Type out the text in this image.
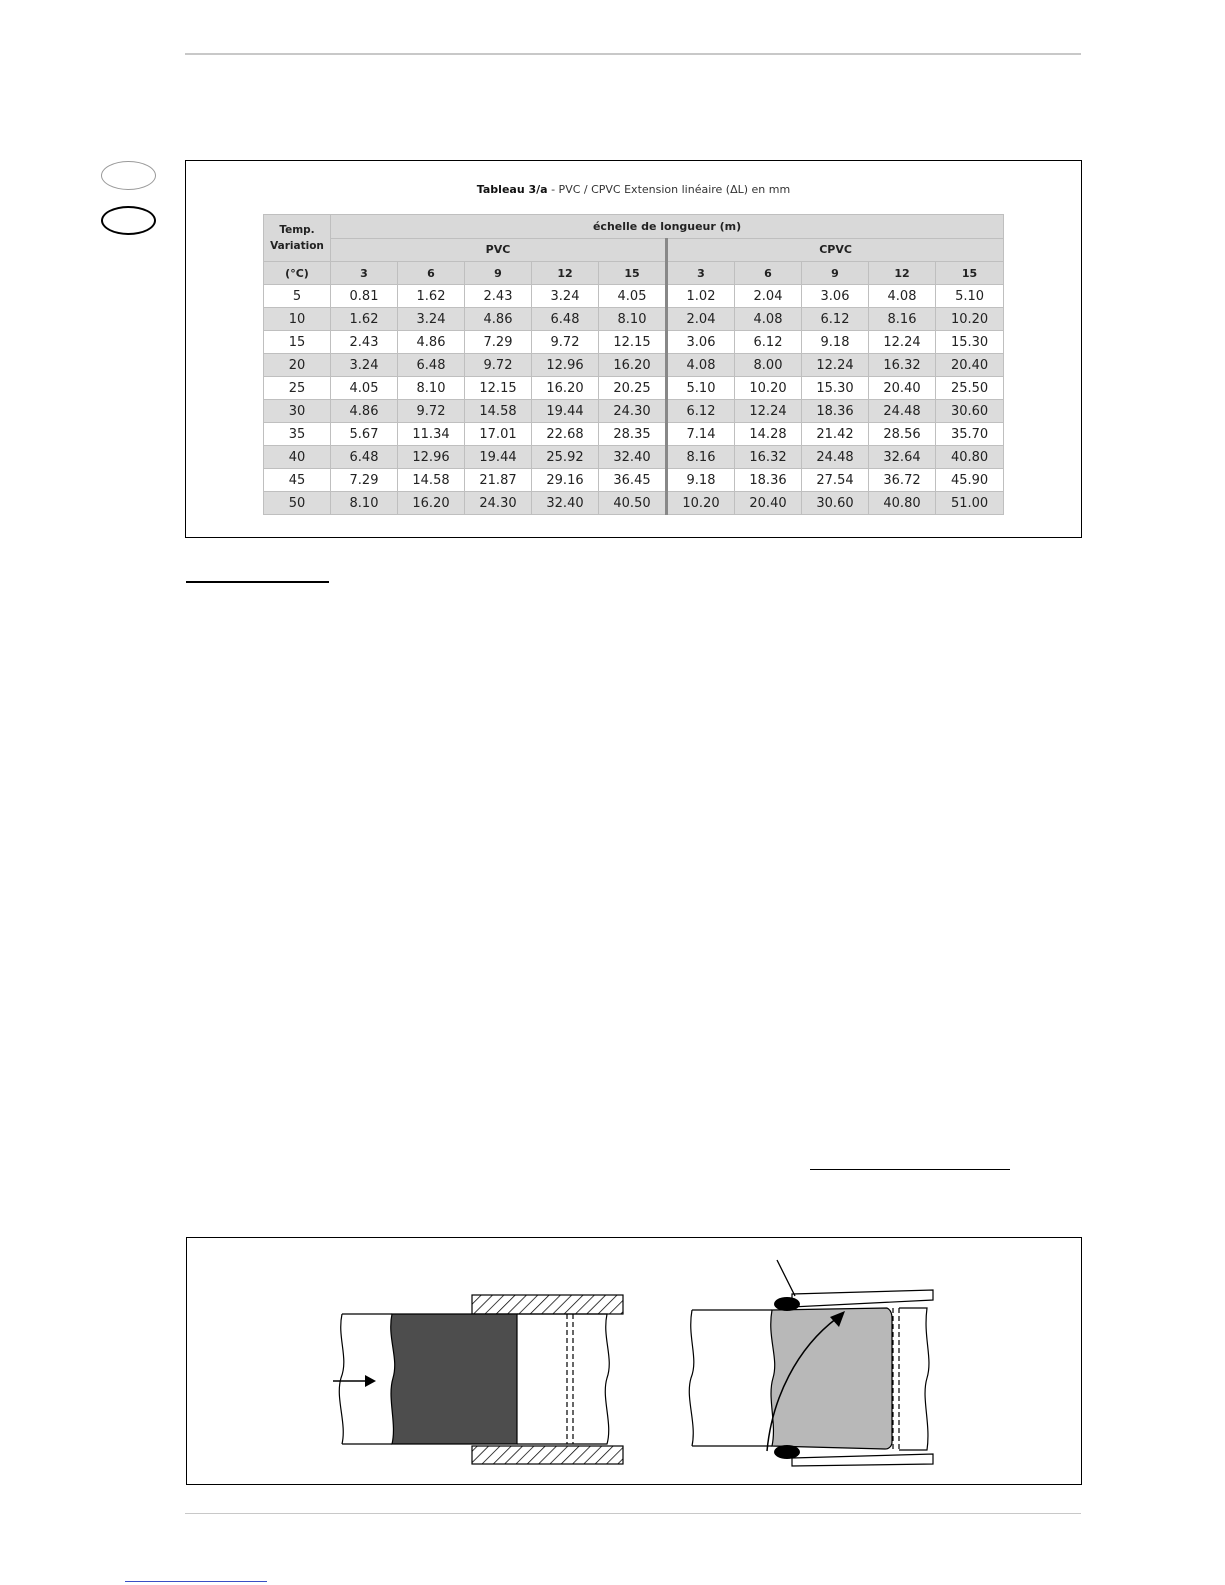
Tableau 3/a - PVC / CPVC Extension linéaire (ΔL) en mm
Temp.
Variation	échelle de longueur (m)									
	PVC					CPVC				
(°C)	3	6	9	12	15	3	6	9	12	15
5	0.81	1.62	2.43	3.24	4.05	1.02	2.04	3.06	4.08	5.10
10	1.62	3.24	4.86	6.48	8.10	2.04	4.08	6.12	8.16	10.20
15	2.43	4.86	7.29	9.72	12.15	3.06	6.12	9.18	12.24	15.30
20	3.24	6.48	9.72	12.96	16.20	4.08	8.00	12.24	16.32	20.40
25	4.05	8.10	12.15	16.20	20.25	5.10	10.20	15.30	20.40	25.50
30	4.86	9.72	14.58	19.44	24.30	6.12	12.24	18.36	24.48	30.60
35	5.67	11.34	17.01	22.68	28.35	7.14	14.28	21.42	28.56	35.70
40	6.48	12.96	19.44	25.92	32.40	8.16	16.32	24.48	32.64	40.80
45	7.29	14.58	21.87	29.16	36.45	9.18	18.36	27.54	36.72	45.90
50	8.10	16.20	24.30	32.40	40.50	10.20	20.40	30.60	40.80	51.00
